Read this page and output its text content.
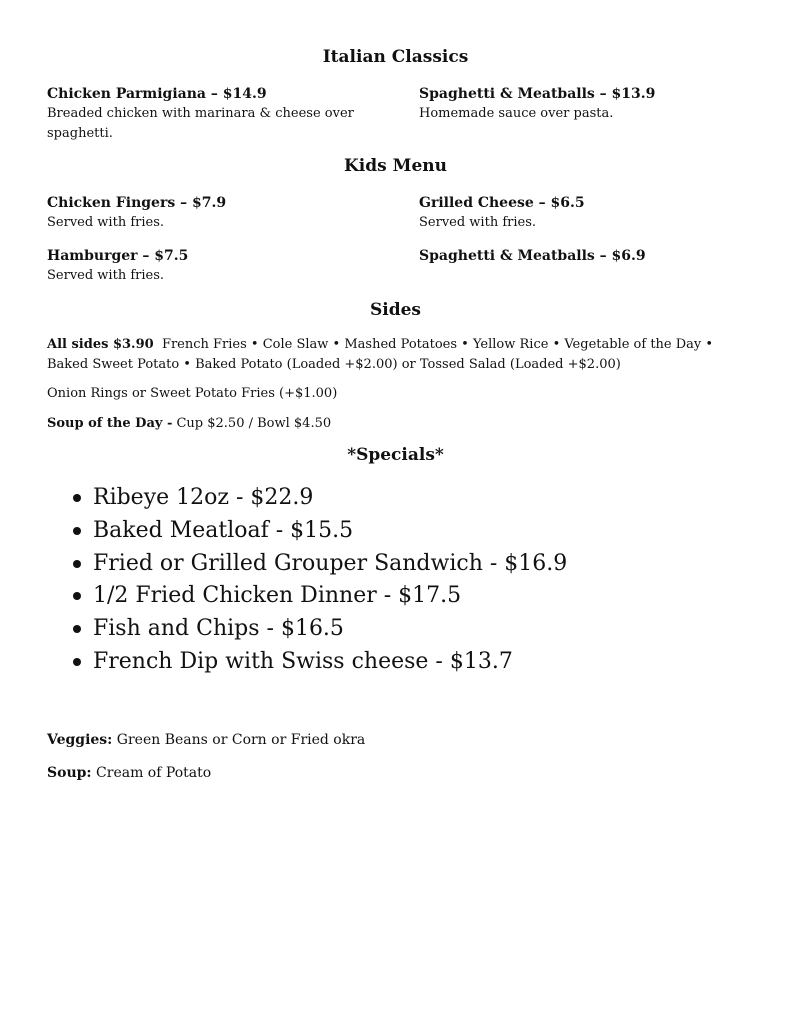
Italian Classics
Chicken Parmigiana – $14.9
Breaded chicken with marinara & cheese over spaghetti.
Spaghetti & Meatballs – $13.9
Homemade sauce over pasta.
Kids Menu
Chicken Fingers – $7.9
Served with fries.
Grilled Cheese – $6.5
Served with fries.
Hamburger – $7.5
Served with fries.
Spaghetti & Meatballs – $6.9
Sides
All sides $3.90 French Fries • Cole Slaw • Mashed Potatoes • Yellow Rice • Vegetable of the Day • Baked Sweet Potato • Baked Potato (Loaded +$2.00) or Tossed Salad (Loaded +$2.00)
Onion Rings or Sweet Potato Fries (+$1.00)
Soup of the Day - Cup $2.50 / Bowl $4.50
*Specials*
Ribeye 12oz - $22.9
Baked Meatloaf - $15.5
Fried or Grilled Grouper Sandwich - $16.9
1/2 Fried Chicken Dinner - $17.5
Fish and Chips - $16.5
French Dip with Swiss cheese - $13.7
Veggies: Green Beans or Corn or Fried okra
Soup: Cream of Potato
